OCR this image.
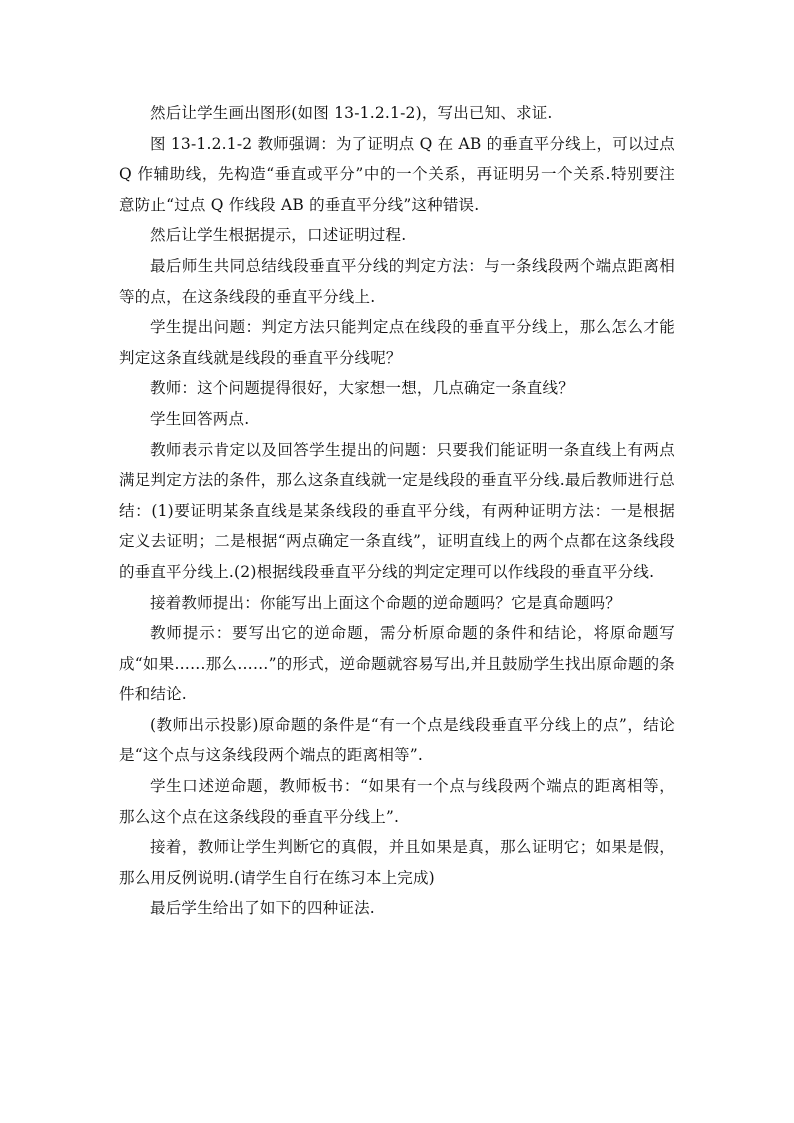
然后让学生画出图形(如图 13-1.2.1-2)，写出已知、求证.

图 13-1.2.1-2 教师强调：为了证明点 Q 在 AB 的垂直平分线上，可以过点 Q 作辅助线，先构造“垂直或平分”中的一个关系，再证明另一个关系.特别要注意防止“过点 Q 作线段 AB 的垂直平分线”这种错误.

然后让学生根据提示，口述证明过程.

最后师生共同总结线段垂直平分线的判定方法：与一条线段两个端点距离相等的点，在这条线段的垂直平分线上.

学生提出问题：判定方法只能判定点在线段的垂直平分线上，那么怎么才能判定这条直线就是线段的垂直平分线呢？

教师：这个问题提得很好，大家想一想，几点确定一条直线？

学生回答两点.

教师表示肯定以及回答学生提出的问题：只要我们能证明一条直线上有两点满足判定方法的条件，那么这条直线就一定是线段的垂直平分线.最后教师进行总结：(1)要证明某条直线是某条线段的垂直平分线，有两种证明方法：一是根据定义去证明；二是根据“两点确定一条直线”，证明直线上的两个点都在这条线段的垂直平分线上.(2)根据线段垂直平分线的判定定理可以作线段的垂直平分线.

接着教师提出：你能写出上面这个命题的逆命题吗？它是真命题吗？

教师提示：要写出它的逆命题，需分析原命题的条件和结论，将原命题写成“如果……那么……”的形式，逆命题就容易写出,并且鼓励学生找出原命题的条件和结论.

(教师出示投影)原命题的条件是“有一个点是线段垂直平分线上的点”，结论是“这个点与这条线段两个端点的距离相等”.

学生口述逆命题，教师板书：“如果有一个点与线段两个端点的距离相等，那么这个点在这条线段的垂直平分线上”.

接着，教师让学生判断它的真假，并且如果是真，那么证明它；如果是假，那么用反例说明.(请学生自行在练习本上完成)

最后学生给出了如下的四种证法.
